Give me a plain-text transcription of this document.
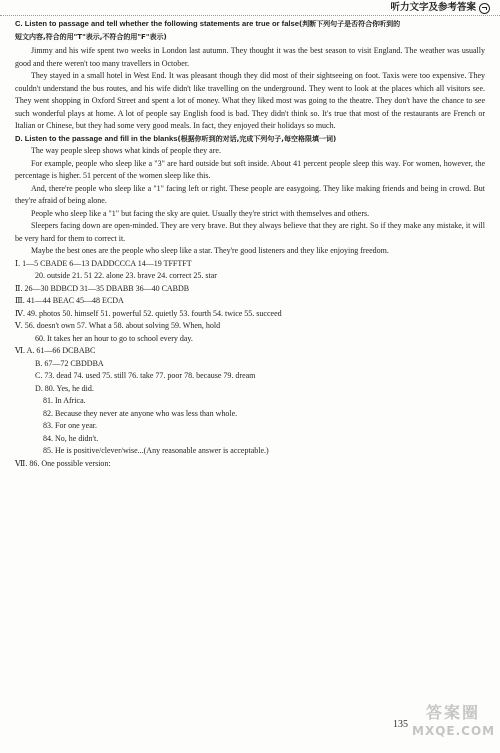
听力文字及参考答案

C. Listen to passage and tell whether the following statements are true or false(判断下列句子是否符合你听到的

短文内容,符合的用"T"表示,不符合的用"F"表示)

Jimmy and his wife spent two weeks in London last autumn. They thought it was the best season to visit England. The weather was usually good and there weren't too many travellers in October.

They stayed in a small hotel in West End. It was pleasant though they did most of their sightseeing on foot. Taxis were too expensive. They couldn't understand the bus routes, and his wife didn't like travelling on the underground. They went to look at the places which all visitors see. They went shopping in Oxford Street and spent a lot of money. What they liked most was going to the theatre. They don't have the chance to see such wonderful plays at home. A lot of people say English food is bad. They didn't think so. It's true that most of the restaurants are French or Italian or Chinese, but they had some very good meals. In fact, they enjoyed their holidays so much.

D. Listen to the passage and fill in the blanks(根据你听到的对话,完成下列句子,每空格限填一词)

The way people sleep shows what kinds of people they are.

For example, people who sleep like a "3" are hard outside but soft inside. About 41 percent people sleep this way. For women, however, the percentage is higher. 51 percent of the women sleep like this.

And, there're people who sleep like a "1" facing left or right. These people are easygoing. They like making friends and being in crowd. But they're afraid of being alone.

People who sleep like a "1" but facing the sky are quiet. Usually they're strict with themselves and others.

Sleepers facing down are open-minded. They are very brave. But they always believe that they are right. So if they make any mistake, it will be very hard for them to correct it.

Maybe the best ones are the people who sleep like a star. They're good listeners and they like enjoying freedom.

Ⅰ. 1—5 CBADE 6—13 DADDCCCA 14—19 TFFTFT

20. outside 21. 51 22. alone 23. brave 24. correct 25. star

Ⅱ. 26—30 BDBCD 31—35 DBABB 36—40 CABDB

Ⅲ. 41—44 BEAC 45—48 ECDA

Ⅳ. 49. photos 50. himself 51. powerful 52. quietly 53. fourth 54. twice 55. succeed

Ⅴ. 56. doesn't own 57. What a 58. about solving 59. When, hold

60. It takes her an hour to go to school every day.

Ⅵ. A. 61—66 DCBABC

B. 67—72 CBDDBA

C. 73. dead 74. used 75. still 76. take 77. poor 78. because 79. dream

D. 80. Yes, he did.

81. In Africa.

82. Because they never ate anyone who was less than whole.

83. For one year.

84. No, he didn't.

85. He is positive/clever/wise...(Any reasonable answer is acceptable.)

Ⅶ. 86. One possible version:

135
答案圈
MXQE.COM
